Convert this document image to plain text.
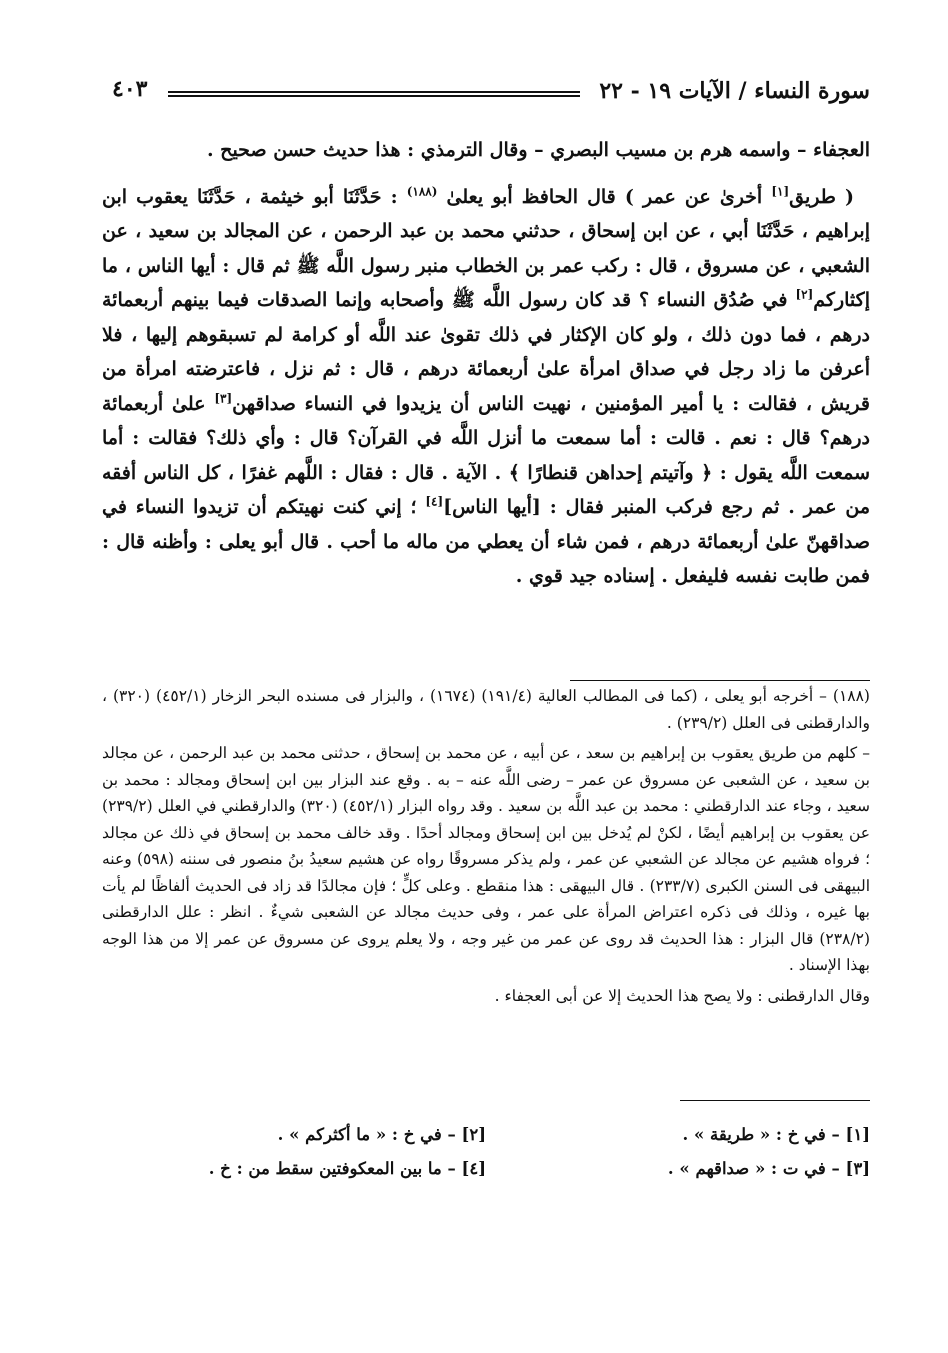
سورة النساء / الآيات ١٩ - ٢٢
٤٠٣

العجفاء – واسمه هرم بن مسيب البصري – وقال الترمذي : هذا حديث حسن صحيح .

( طريق[١] أخرىٰ عن عمر ) قال الحافظ أبو يعلىٰ $^{(١٨٨)}$ : حَدَّثَنَا أبو خيثمة ، حَدَّثَنَا يعقوب ابن إبراهيم ، حَدَّثَنَا أبي ، عن ابن إسحاق ، حدثني محمد بن عبد الرحمن ، عن المجالد بن سعيد ، عن الشعبي ، عن مسروق ، قال : ركب عمر بن الخطاب منبر رسول اللَّه ﷺ ثم قال : أيها الناس ، ما إكثاركم[٢] في صُدُق النساء ؟ قد كان رسول اللَّه ﷺ وأصحابه وإنما الصدقات فيما بينهم أربعمائة درهم ، فما دون ذلك ، ولو كان الإكثار في ذلك تقوىٰ عند اللَّه أو كرامة لم تسبقوهم إليها ، فلا أعرفن ما زاد رجل في صداق امرأة علىٰ أربعمائة درهم ، قال : ثم نزل ، فاعترضته امرأة من قريش ، فقالت : يا أمير المؤمنين ، نهيت الناس أن يزيدوا في النساء صداقهن[٣] علىٰ أربعمائة درهم؟ قال : نعم . قالت : أما سمعت ما أنزل اللَّه في القرآن؟ قال : وأي ذلك؟ فقالت : أما سمعت اللَّه يقول : ﴿ وآتيتم إحداهن قنطارًا ﴾ . الآية . قال : فقال : اللَّهم غفرًا ، كل الناس أفقه من عمر . ثم رجع فركب المنبر فقال : [أيها الناس][٤] ؛ إني كنت نهيتكم أن تزيدوا النساء في صداقهنّ علىٰ أربعمائة درهم ، فمن شاء أن يعطي من ماله ما أحب . قال أبو يعلى : وأظنه قال : فمن طابت نفسه فليفعل . إسناده جيد قوي .

(١٨٨) – أخرجه أبو يعلى ، (كما فى المطالب العالية (١٩١/٤) (١٦٧٤) ، والبزار فى مسنده البحر الزخار (٤٥٢/١) (٣٢٠) ، والدارقطنى فى العلل (٢٣٩/٢) .

– كلهم من طريق يعقوب بن إبراهيم بن سعد ، عن أبيه ، عن محمد بن إسحاق ، حدثنى محمد بن عبد الرحمن ، عن مجالد بن سعيد ، عن الشعبى عن مسروق عن عمر – رضى اللَّه عنه – به . وقع عند البزار بين ابن إسحاق ومجالد : محمد بن سعيد ، وجاء عند الدارقطني : محمد بن عبد اللَّه بن سعيد . وقد رواه البزار (٤٥٢/١) (٣٢٠) والدارقطني في العلل (٢٣٩/٢) عن يعقوب بن إبراهيم أيضًا ، لكنْ لم يُدخل بين ابن إسحاق ومجالد أحدًا . وقد خالف محمد بن إسحاق في ذلك عن مجالد ؛ فرواه هشيم عن مجالد عن الشعبي عن عمر ، ولم يذكر مسروقًا رواه عن هشيم سعيدُ بنُ منصور فى سننه (٥٩٨) وعنه البيهقى فى السنن الكبرى (٢٣٣/٧) . قال البيهقى : هذا منقطع . وعلى كلٍّ ؛ فإن مجالدًا قد زاد فى الحديث ألفاظًا لم يأت بها غيره ، وذلك فى ذكره اعتراض المرأة على عمر ، وفى حديث مجالد عن الشعبى شيءٌ . انظر : علل الدارقطنى (٢٣٨/٢) قال البزار : هذا الحديث قد روى عن عمر من غير وجه ، ولا يعلم يروى عن مسروق عن عمر إلا من هذا الوجه بهذا الإسناد .

وقال الدارقطنى : ولا يصح هذا الحديث إلا عن أبى العجفاء .

[١] – في خ : « طريقة » .
[٢] – في خ : « ما أكثركم » .
[٣] – في ت : « صداقهم » .
[٤] – ما بين المعكوفتين سقط من : خ .
